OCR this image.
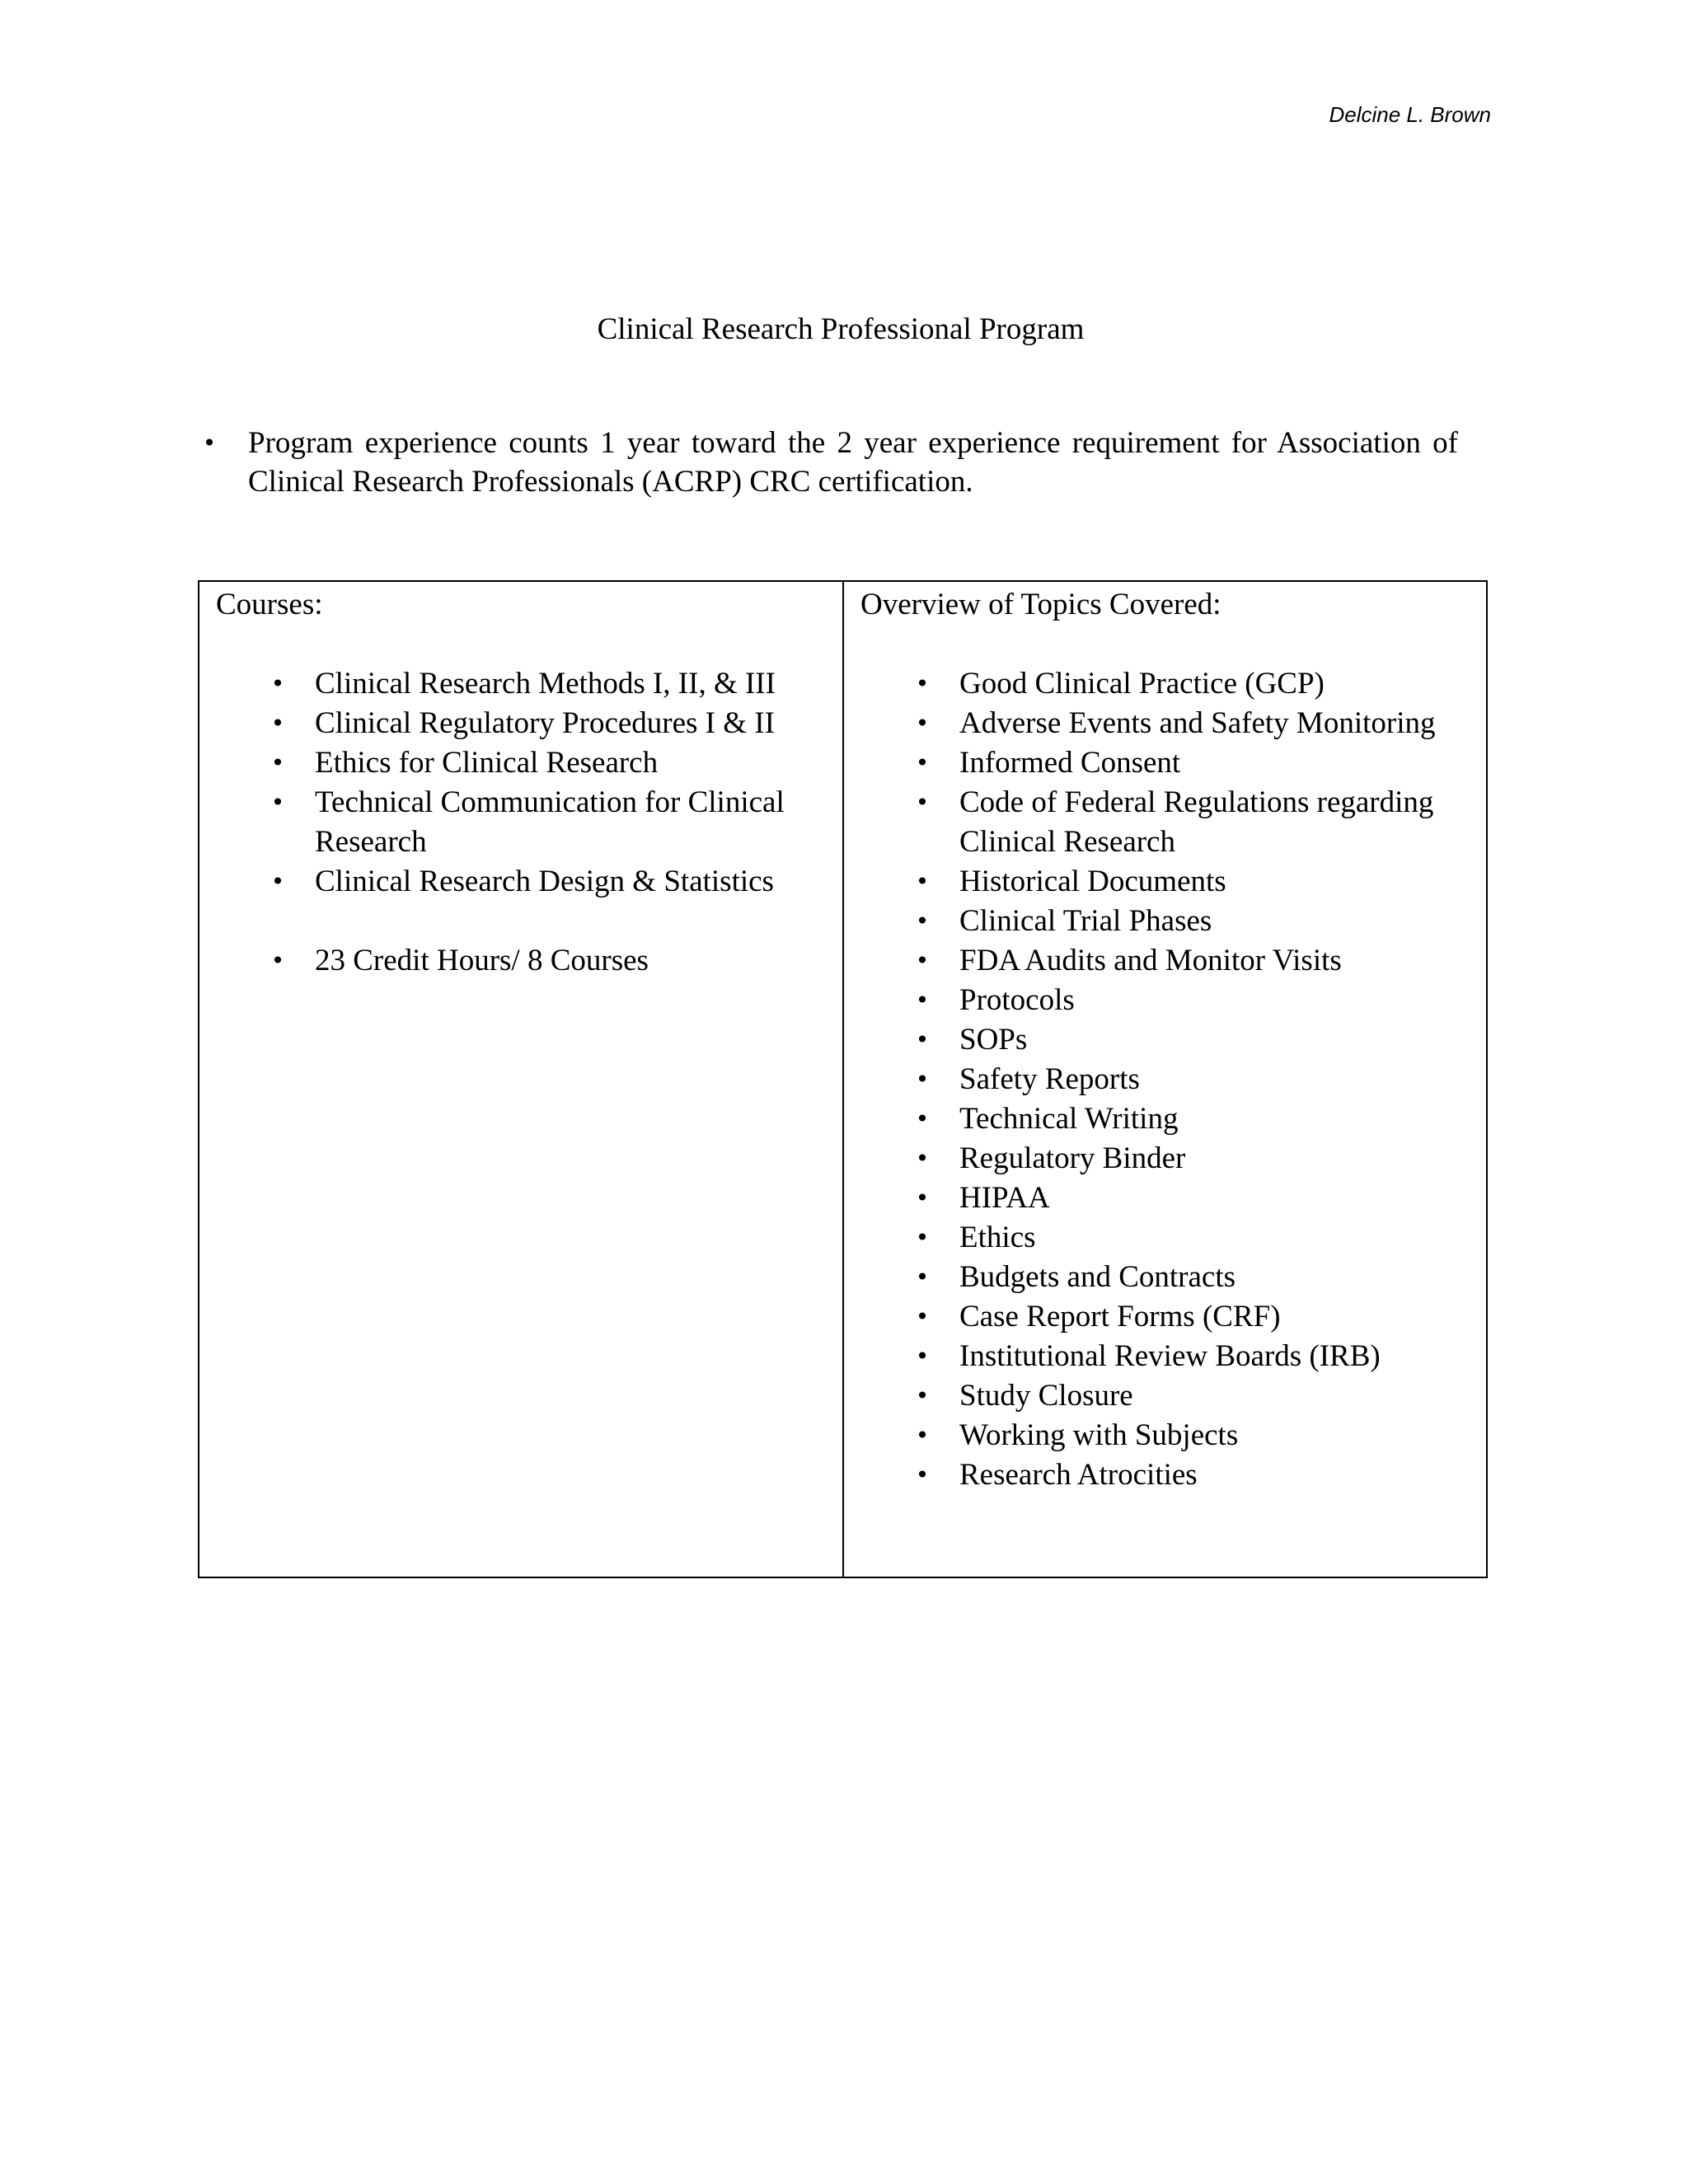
Delcine L. Brown
Clinical Research Professional Program
• Program experience counts 1 year toward the 2 year experience requirement for Association of Clinical Research Professionals (ACRP) CRC certification.
Courses:
• Clinical Research Methods I, II, & III
• Clinical Regulatory Procedures I & II
• Ethics for Clinical Research
• Technical Communication for Clinical Research
• Clinical Research Design & Statistics
• 23 Credit Hours/ 8 Courses

Overview of Topics Covered:
• Good Clinical Practice (GCP)
• Adverse Events and Safety Monitoring
• Informed Consent
• Code of Federal Regulations regarding Clinical Research
• Historical Documents
• Clinical Trial Phases
• FDA Audits and Monitor Visits
• Protocols
• SOPs
• Safety Reports
• Technical Writing
• Regulatory Binder
• HIPAA
• Ethics
• Budgets and Contracts
• Case Report Forms (CRF)
• Institutional Review Boards (IRB)
• Study Closure
• Working with Subjects
• Research Atrocities
